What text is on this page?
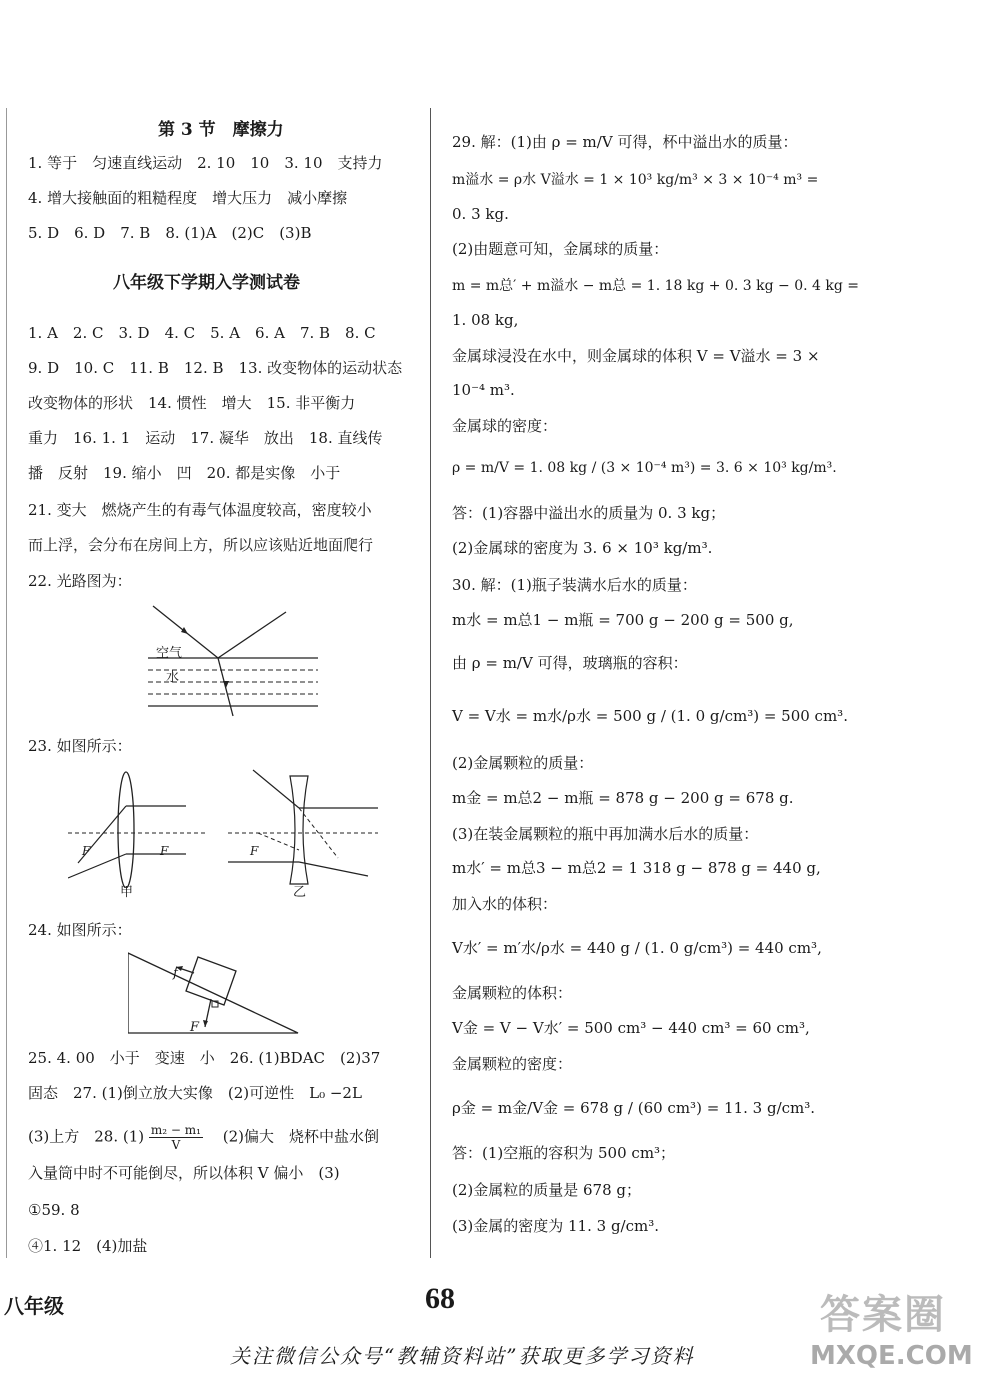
第 3 节　摩擦力
1. 等于　匀速直线运动　2. 10　10　3. 10　支持力
4. 增大接触面的粗糙程度　增大压力　减小摩擦
5. D　6. D　7. B　8. (1)A　(2)C　(3)B
八年级下学期入学测试卷
1. A　2. C　3. D　4. C　5. A　6. A　7. B　8. C
9. D　10. C　11. B　12. B　13. 改变物体的运动状态
改变物体的形状　14. 惯性　增大　15. 非平衡力
重力　16. 1. 1　运动　17. 凝华　放出　18. 直线传
播　反射　19. 缩小　凹　20. 都是实像　小于
21. 变大　燃烧产生的有毒气体温度较高，密度较小
而上浮，会分布在房间上方，所以应该贴近地面爬行
22. 光路图为：
空气
水
23. 如图所示：
F	F	F
甲	乙
24. 如图所示：
f
F
25. 4. 00　小于　变速　小　26. (1)BDAC　(2)37
固态　27. (1)倒立放大实像　(2)可逆性　L₀ −2L
(3)上方　28. $(1) \frac{\text{m₂ − m₁}}{V}$ 　(2)偏大　烧杯中盐水倒
入量筒中时不可能倒尽，所以体积 V 偏小　(3)
①59. 8
④1. 12　(4)加盐
29. 解：(1)由 ρ = m/V 可得，杯中溢出水的质量：
m溢水 = ρ水 V溢水 = 1 × 10³ kg/m³ × 3 × 10⁻⁴ m³ =
0. 3 kg.
(2)由题意可知，金属球的质量：
m = m总′ + m溢水 − m总 = 1. 18 kg + 0. 3 kg − 0. 4 kg =
1. 08 kg,
金属球浸没在水中，则金属球的体积 V = V溢水 = 3 ×
10⁻⁴ m³.
金属球的密度：
ρ = m/V = 1. 08 kg / (3 × 10⁻⁴ m³) = 3. 6 × 10³ kg/m³.
答：(1)容器中溢出水的质量为 0. 3 kg；
(2)金属球的密度为 3. 6 × 10³ kg/m³.
30. 解：(1)瓶子装满水后水的质量：
m水 = m总1 − m瓶 = 700 g − 200 g = 500 g,
由 ρ = m/V 可得，玻璃瓶的容积：
V = V水 = m水/ρ水 = 500 g / (1. 0 g/cm³) = 500 cm³.
(2)金属颗粒的质量：
m金 = m总2 − m瓶 = 878 g − 200 g = 678 g.
(3)在装金属颗粒的瓶中再加满水后水的质量：
m水′ = m总3 − m总2 = 1 318 g − 878 g = 440 g,
加入水的体积：
V水′ = m′水/ρ水 = 440 g / (1. 0 g/cm³) = 440 cm³,
金属颗粒的体积：
V金 = V − V水′ = 500 cm³ − 440 cm³ = 60 cm³,
金属颗粒的密度：
ρ金 = m金/V金 = 678 g / (60 cm³) = 11. 3 g/cm³.
答：(1)空瓶的容积为 500 cm³；
(2)金属粒的质量是 678 g；
(3)金属的密度为 11. 3 g/cm³.
八年级	68
关注微信公众号“教辅资料站”获取更多学习资料
答案圈
MXQE.COM
